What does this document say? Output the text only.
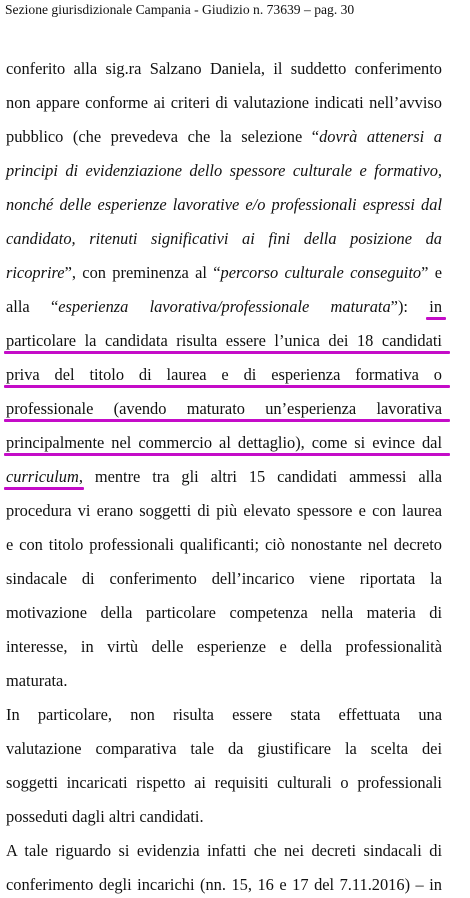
Sezione giurisdizionale Campania - Giudizio n. 73639 – pag. 30
conferito alla sig.ra Salzano Daniela, il suddetto conferimento
non appare conforme ai criteri di valutazione indicati nell’avviso
pubblico (che prevedeva che la selezione “dovrà attenersi a
principi di evidenziazione dello spessore culturale e formativo,
nonché delle esperienze lavorative e/o professionali espressi dal
candidato, ritenuti significativi ai fini della posizione da
ricoprire”, con preminenza al “percorso culturale conseguito” e
alla “esperienza lavorativa/professionale maturata”): in
particolare la candidata risulta essere l’unica dei 18 candidati
priva del titolo di laurea e di esperienza formativa o
professionale (avendo maturato un’esperienza lavorativa
principalmente nel commercio al dettaglio), come si evince dal
curriculum, mentre tra gli altri 15 candidati ammessi alla
procedura vi erano soggetti di più elevato spessore e con laurea
e con titolo professionali qualificanti; ciò nonostante nel decreto
sindacale di conferimento dell’incarico viene riportata la
motivazione della particolare competenza nella materia di
interesse, in virtù delle esperienze e della professionalità
maturata.
In particolare, non risulta essere stata effettuata una
valutazione comparativa tale da giustificare la scelta dei
soggetti incaricati rispetto ai requisiti culturali o professionali
posseduti dagli altri candidati.
A tale riguardo si evidenzia infatti che nei decreti sindacali di
conferimento degli incarichi (nn. 15, 16 e 17 del 7.11.2016) – in
